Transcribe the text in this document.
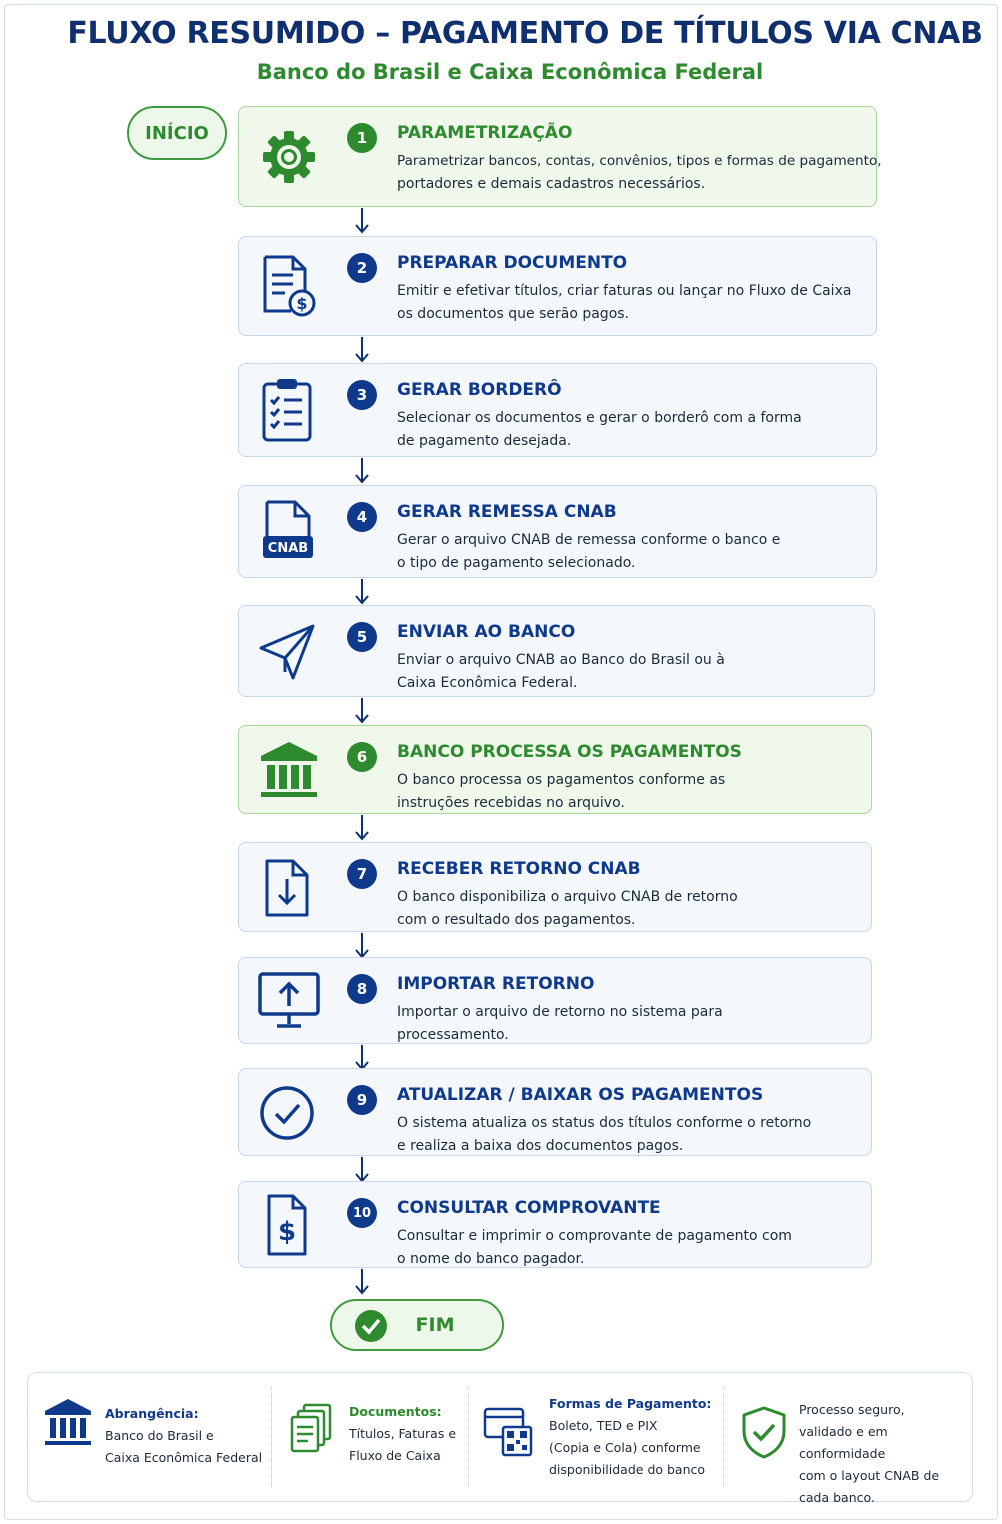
FLUXO RESUMIDO – PAGAMENTO DE TÍTULOS VIA CNAB
Banco do Brasil e Caixa Econômica Federal
INÍCIO	1	PARAMETRIZAÇÃO
Parametrizar bancos, contas, convênios, tipos e formas de pagamento,
portadores e demais cadastros necessários.
$
2	PREPARAR DOCUMENTO
Emitir e efetivar títulos, criar faturas ou lançar no Fluxo de Caixa
os documentos que serão pagos.
3	GERAR BORDERÔ
Selecionar os documentos e gerar o borderô com a forma
de pagamento desejada.
CNAB
4	GERAR REMESSA CNAB
Gerar o arquivo CNAB de remessa conforme o banco e
o tipo de pagamento selecionado.
5	ENVIAR AO BANCO
Enviar o arquivo CNAB ao Banco do Brasil ou à
Caixa Econômica Federal.
6	BANCO PROCESSA OS PAGAMENTOS
O banco processa os pagamentos conforme as
instruções recebidas no arquivo.
7	RECEBER RETORNO CNAB
O banco disponibiliza o arquivo CNAB de retorno
com o resultado dos pagamentos.
8	IMPORTAR RETORNO
Importar o arquivo de retorno no sistema para
processamento.
9	ATUALIZAR / BAIXAR OS PAGAMENTOS
O sistema atualiza os status dos títulos conforme o retorno
e realiza a baixa dos documentos pagos.
$
10	CONSULTAR COMPROVANTE
Consultar e imprimir o comprovante de pagamento com
o nome do banco pagador.
FIM
Abrangência:
Banco do Brasil e
Caixa Econômica Federal
Documentos:
Títulos, Faturas e
Fluxo de Caixa
Formas de Pagamento:
Boleto, TED e PIX
(Copia e Cola) conforme
disponibilidade do banco
Processo seguro,
validado e em conformidade
com o layout CNAB de
cada banco.
